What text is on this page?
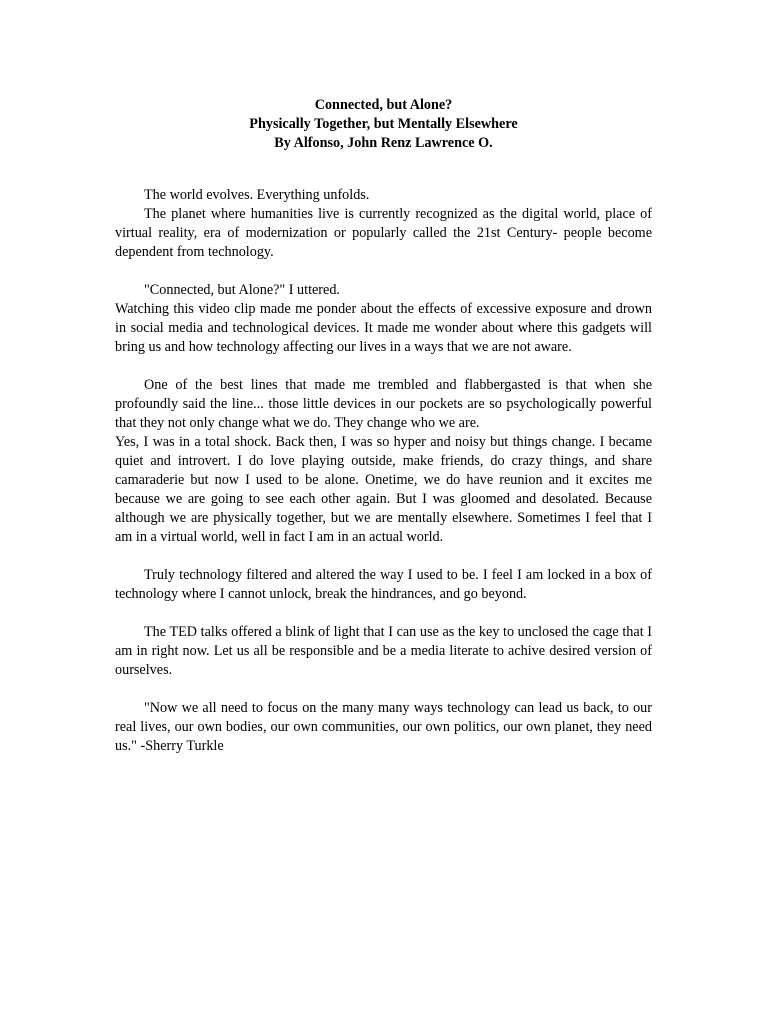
Connected, but Alone?
Physically Together, but Mentally Elsewhere
By Alfonso, John Renz Lawrence O.

The world evolves. Everything unfolds.

The planet where humanities live is currently recognized as the digital world, place of virtual reality, era of modernization or popularly called the 21st Century- people become dependent from technology.

"Connected, but Alone?" I uttered.

Watching this video clip made me ponder about the effects of excessive exposure and drown in social media and technological devices. It made me wonder about where this gadgets will bring us and how technology affecting our lives in a ways that we are not aware.

One of the best lines that made me trembled and flabbergasted is that when she profoundly said the line... those little devices in our pockets are so psychologically powerful that they not only change what we do. They change who we are.

Yes, I was in a total shock. Back then, I was so hyper and noisy but things change. I became quiet and introvert. I do love playing outside, make friends, do crazy things, and share camaraderie but now I used to be alone. Onetime, we do have reunion and it excites me because we are going to see each other again. But I was gloomed and desolated. Because although we are physically together, but we are mentally elsewhere. Sometimes I feel that I am in a virtual world, well in fact I am in an actual world.

Truly technology filtered and altered the way I used to be. I feel I am locked in a box of technology where I cannot unlock, break the hindrances, and go beyond.

The TED talks offered a blink of light that I can use as the key to unclosed the cage that I am in right now. Let us all be responsible and be a media literate to achive desired version of ourselves.

"Now we all need to focus on the many many ways technology can lead us back, to our real lives, our own bodies, our own communities, our own politics, our own planet, they need us." -Sherry Turkle
